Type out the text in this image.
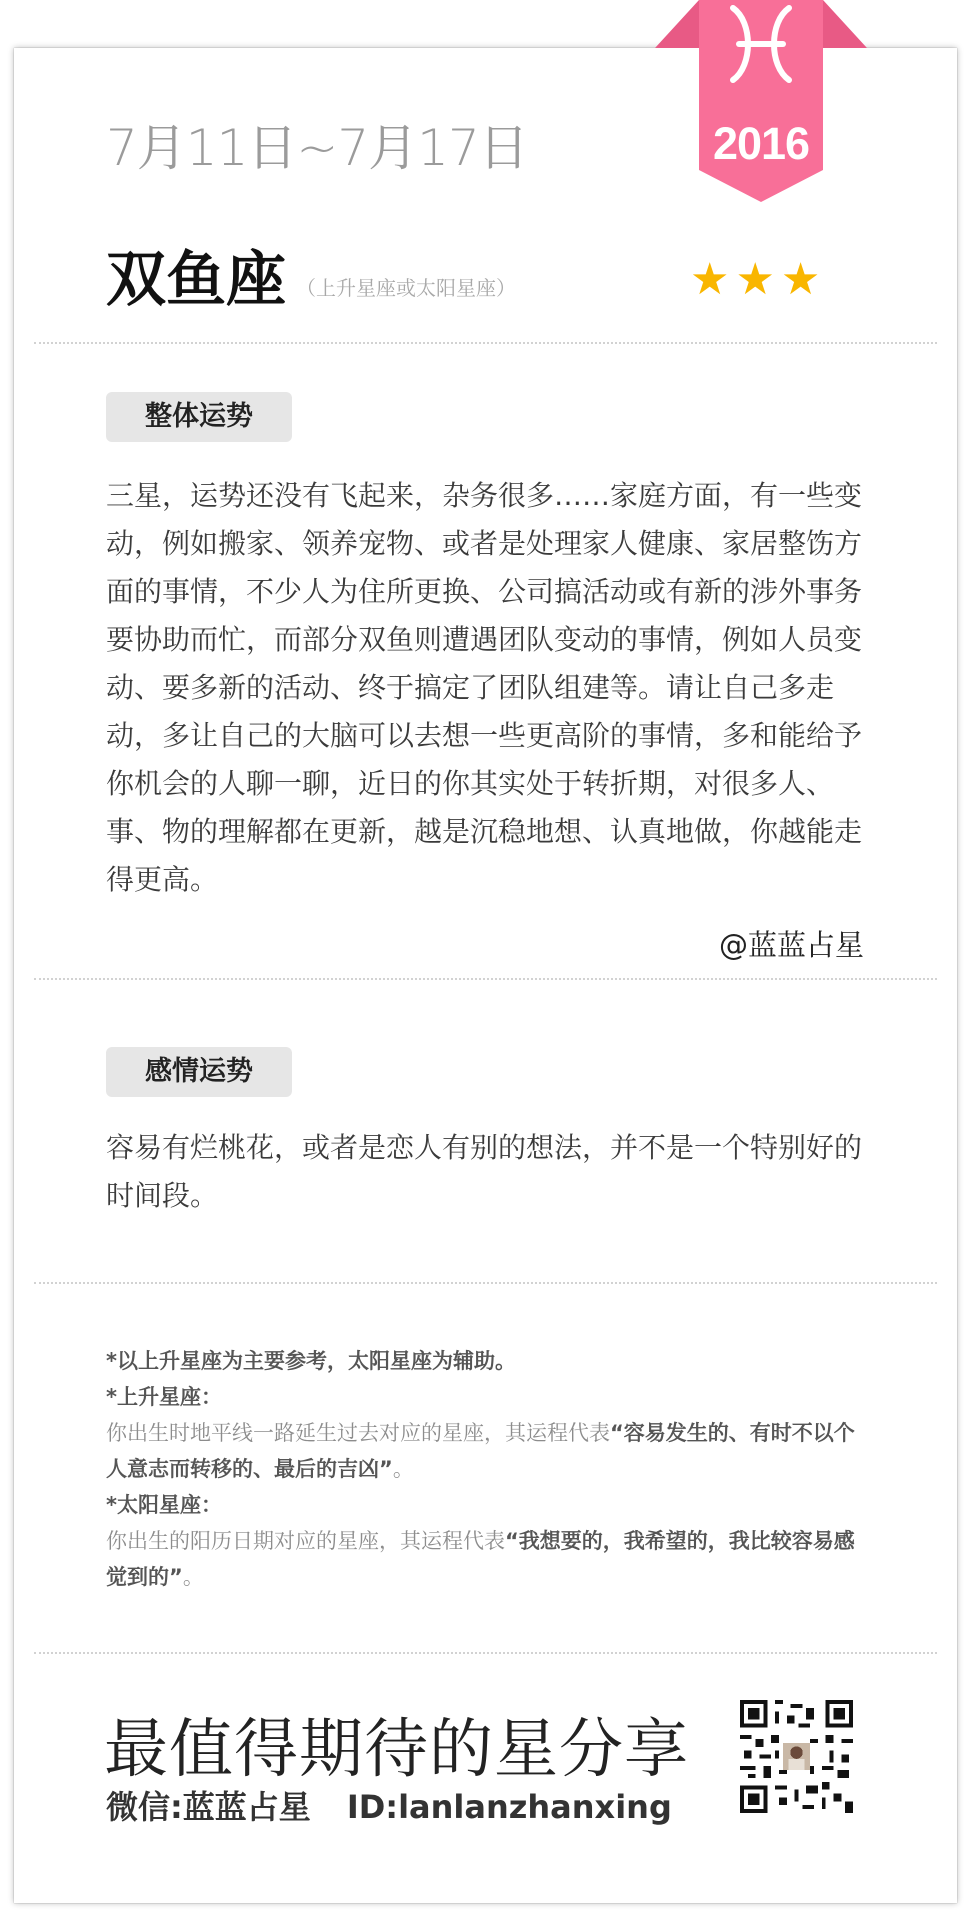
2016
7月11日~7月17日
双鱼座 （上升星座或太阳星座）	★★★
整体运势
三星，运势还没有飞起来，杂务很多……家庭方面，有一些变动，例如搬家、领养宠物、或者是处理家人健康、家居整饬方面的事情，不少人为住所更换、公司搞活动或有新的涉外事务要协助而忙，而部分双鱼则遭遇团队变动的事情，例如人员变动、要多新的活动、终于搞定了团队组建等。请让自己多走动，多让自己的大脑可以去想一些更高阶的事情，多和能给予你机会的人聊一聊，近日的你其实处于转折期，对很多人、事、物的理解都在更新，越是沉稳地想、认真地做，你越能走得更高。
@蓝蓝占星
感情运势
容易有烂桃花，或者是恋人有别的想法，并不是一个特别好的时间段。
*以上升星座为主要参考，太阳星座为辅助。
*上升星座：
你出生时地平线一路延生过去对应的星座，其运程代表“容易发生的、有时不以个人意志而转移的、最后的吉凶”。
*太阳星座：
你出生的阳历日期对应的星座，其运程代表“我想要的，我希望的，我比较容易感觉到的”。
最值得期待的星分享
微信:蓝蓝占星 ID:lanlanzhanxing
